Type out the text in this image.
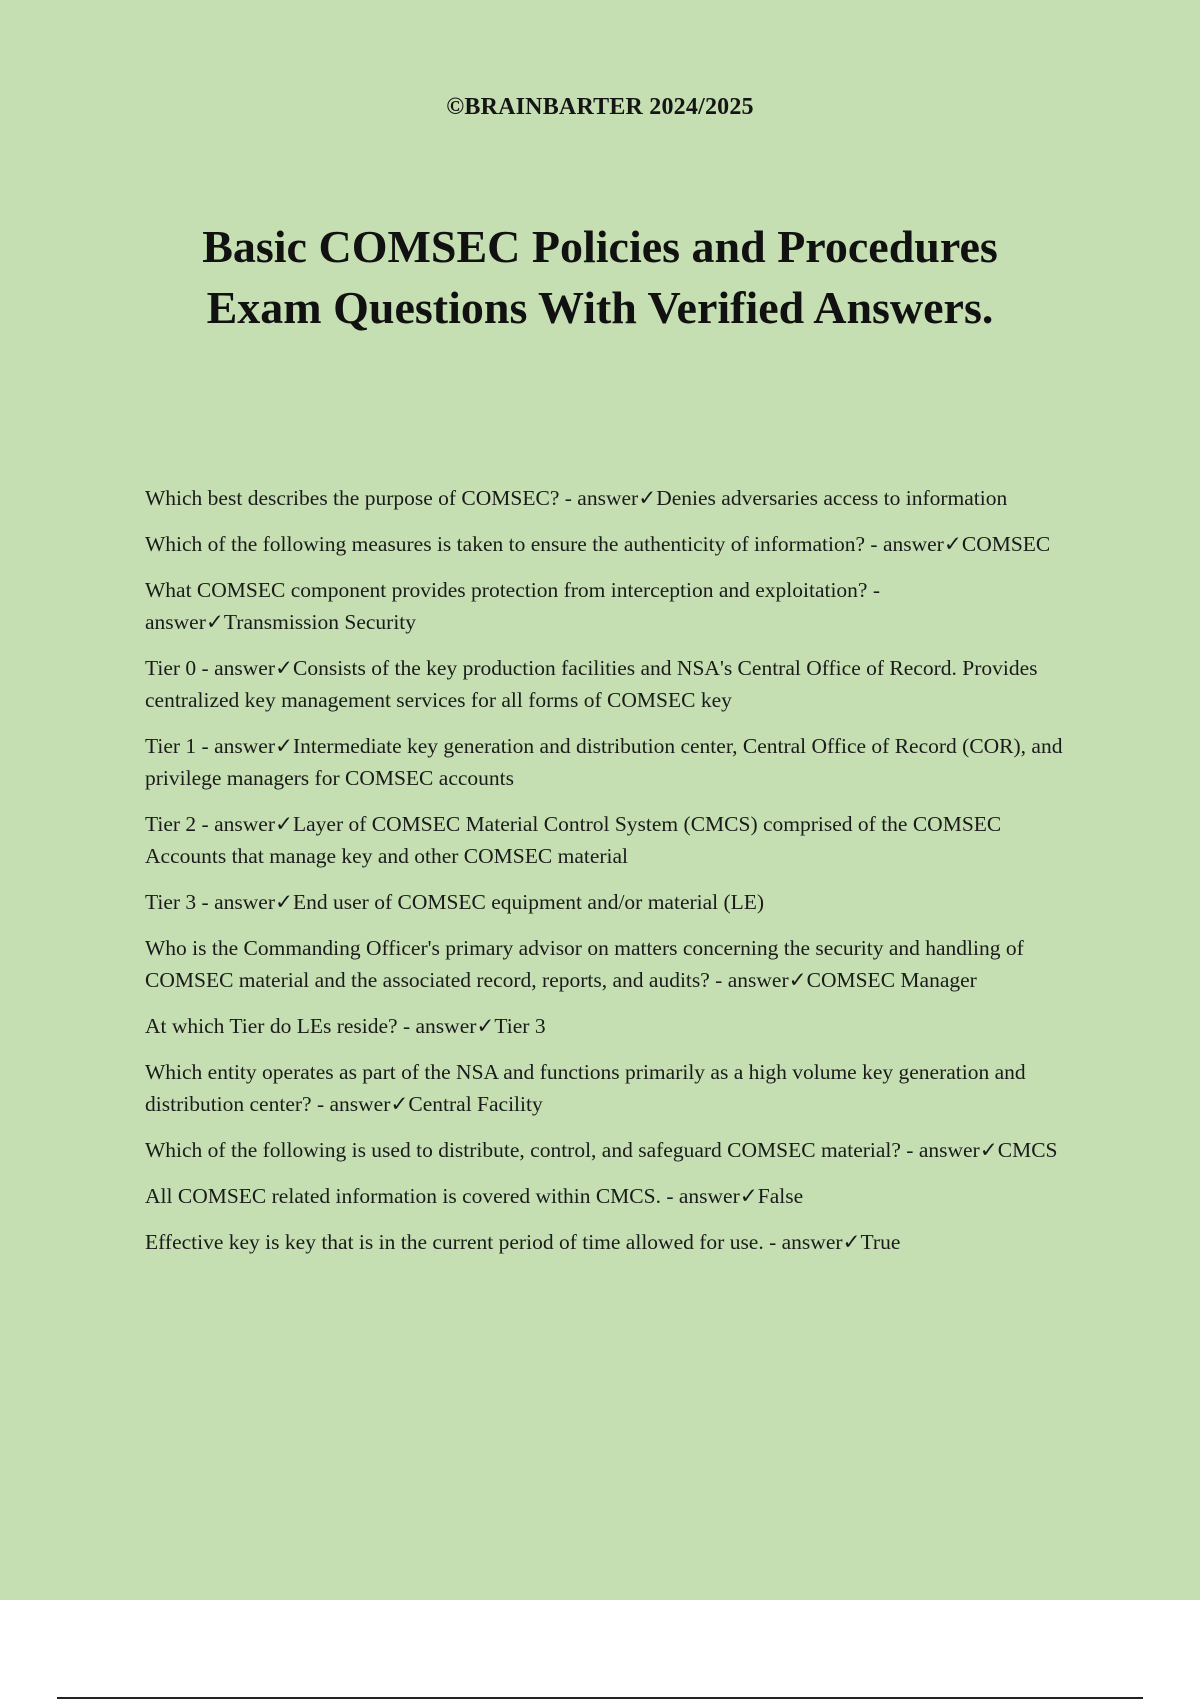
©BRAINBARTER 2024/2025
Basic COMSEC Policies and Procedures
Exam Questions With Verified Answers.

Which best describes the purpose of COMSEC? - answer✓Denies adversaries access to information

Which of the following measures is taken to ensure the authenticity of information? - answer✓COMSEC

What COMSEC component provides protection from interception and exploitation? - answer✓Transmission Security

Tier 0 - answer✓Consists of the key production facilities and NSA's Central Office of Record. Provides centralized key management services for all forms of COMSEC key

Tier 1 - answer✓Intermediate key generation and distribution center, Central Office of Record (COR), and privilege managers for COMSEC accounts

Tier 2 - answer✓Layer of COMSEC Material Control System (CMCS) comprised of the COMSEC Accounts that manage key and other COMSEC material

Tier 3 - answer✓End user of COMSEC equipment and/or material (LE)

Who is the Commanding Officer's primary advisor on matters concerning the security and handling of COMSEC material and the associated record, reports, and audits? - answer✓COMSEC Manager

At which Tier do LEs reside? - answer✓Tier 3

Which entity operates as part of the NSA and functions primarily as a high volume key generation and distribution center? - answer✓Central Facility

Which of the following is used to distribute, control, and safeguard COMSEC material? - answer✓CMCS

All COMSEC related information is covered within CMCS. - answer✓False

Effective key is key that is in the current period of time allowed for use. - answer✓True
